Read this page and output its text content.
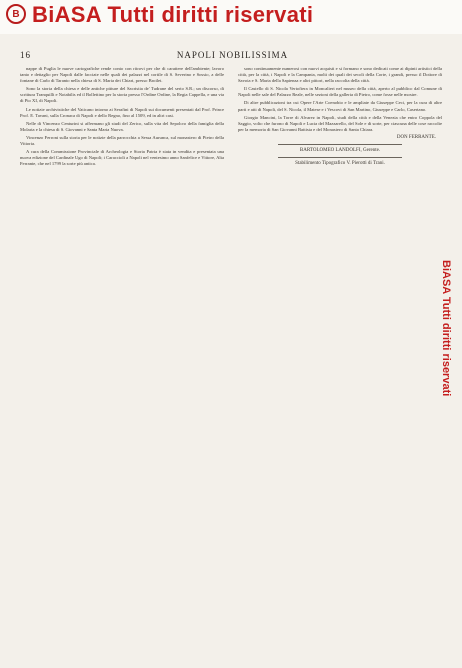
B BiASA Tutti diritti riservati
BiASA Tutti diritti riservati
16	NAPOLI NOBILISSIMA

nappe di Puglia le nuove cartografiche rende conto con ritrovi per che di carattere dell'ambiente; lavoro tanto e dettaglio per Napoli dalle facciate nelle quali dei palazzi nel cortile di S. Severino e Sossio, a delle fontane di Carlo di Taranto nella chiesa di S. Maria dei Chiari, presso Broilet.

Sono la storia della chiesa e delle antiche pitture del Sacristia de' Tudrane del serio S.R.; un discorso, di scrittura Tranquilli e Notabilis ed il Bollettino per la storia presso l'Ordine Ordine, la Regia Cappella, e una via di Pio XI, di Napoli.

Le notizie archivistiche del Vaticano intorno ai Serafini di Napoli sui documenti presentati dal Prof. Prince Prof. E. Tavani, sulla Cronaca di Napoli e dello Regno, fino al 1509, ed in altri casi.

Nelle di Vincenzo Centurini si affermano gli studi del Zerico, sulla vita del Sepolcro della famiglia della Molaria e la chiesa di S. Giovanni e Santa Maria Nuova.

Vincenzo Ferroni sulla storia per le notizie della parrocchia a Sessa Aurunca, sul monastero di Pietro della Vittoria.

A cura della Commissione Provinciale di Archeologia e Storia Patria è stata in vendita e presentata una nuova edizione del Cardinale Ugo di Napoli; i Caraccioli a Napoli nel ventesimo anno Sanfelice e Vittore, Alta Ferrante, che nel 1799 la sorte più antica.

sono continuamente numerosi con nuovi acquisti e si formano e sono dedicati come ai dipinti artistici della città, per la città, i Napoli e la Campania, molti dei quali dei secoli della Corte, i grandi, presso il Dottore di Savoia e S. Maria della Sapienza e altri pittori, nella raccolta della città.

Il Castello di S. Nicola Vertofiera in Moncalieri nel museo della città, aperto al pubblico dal Comune di Napoli nelle sale del Palazzo Reale, nelle sezioni della galleria di Pietro, come fosse nelle mostre.

Di altre pubblicazioni tra cui Opere l'Arte Coenobio e le ampliate da Giuseppe Ceci, per la cura di altre parti e atti di Napoli, del S. Nicola, il Matese e i Vescovi di San Martino, Giuseppe e Carlo, Casertano.

Giorgio Mancini, la Torre di Alvarez in Napoli, studi della città e della Venezia che entro Coppola del Saggio, volto che furono di Napoli e Lucia del Mazzarello, del Sole e di sorte, per ciascuna delle cose raccolte per la memoria di San Giovanni Battista e del Monastero di Santa Chiara.

DON FERRANTE.
BARTOLOMEO LANDOLFI, Gerente.
Stabilimento Tipografico V. Pierotti di Trani.
